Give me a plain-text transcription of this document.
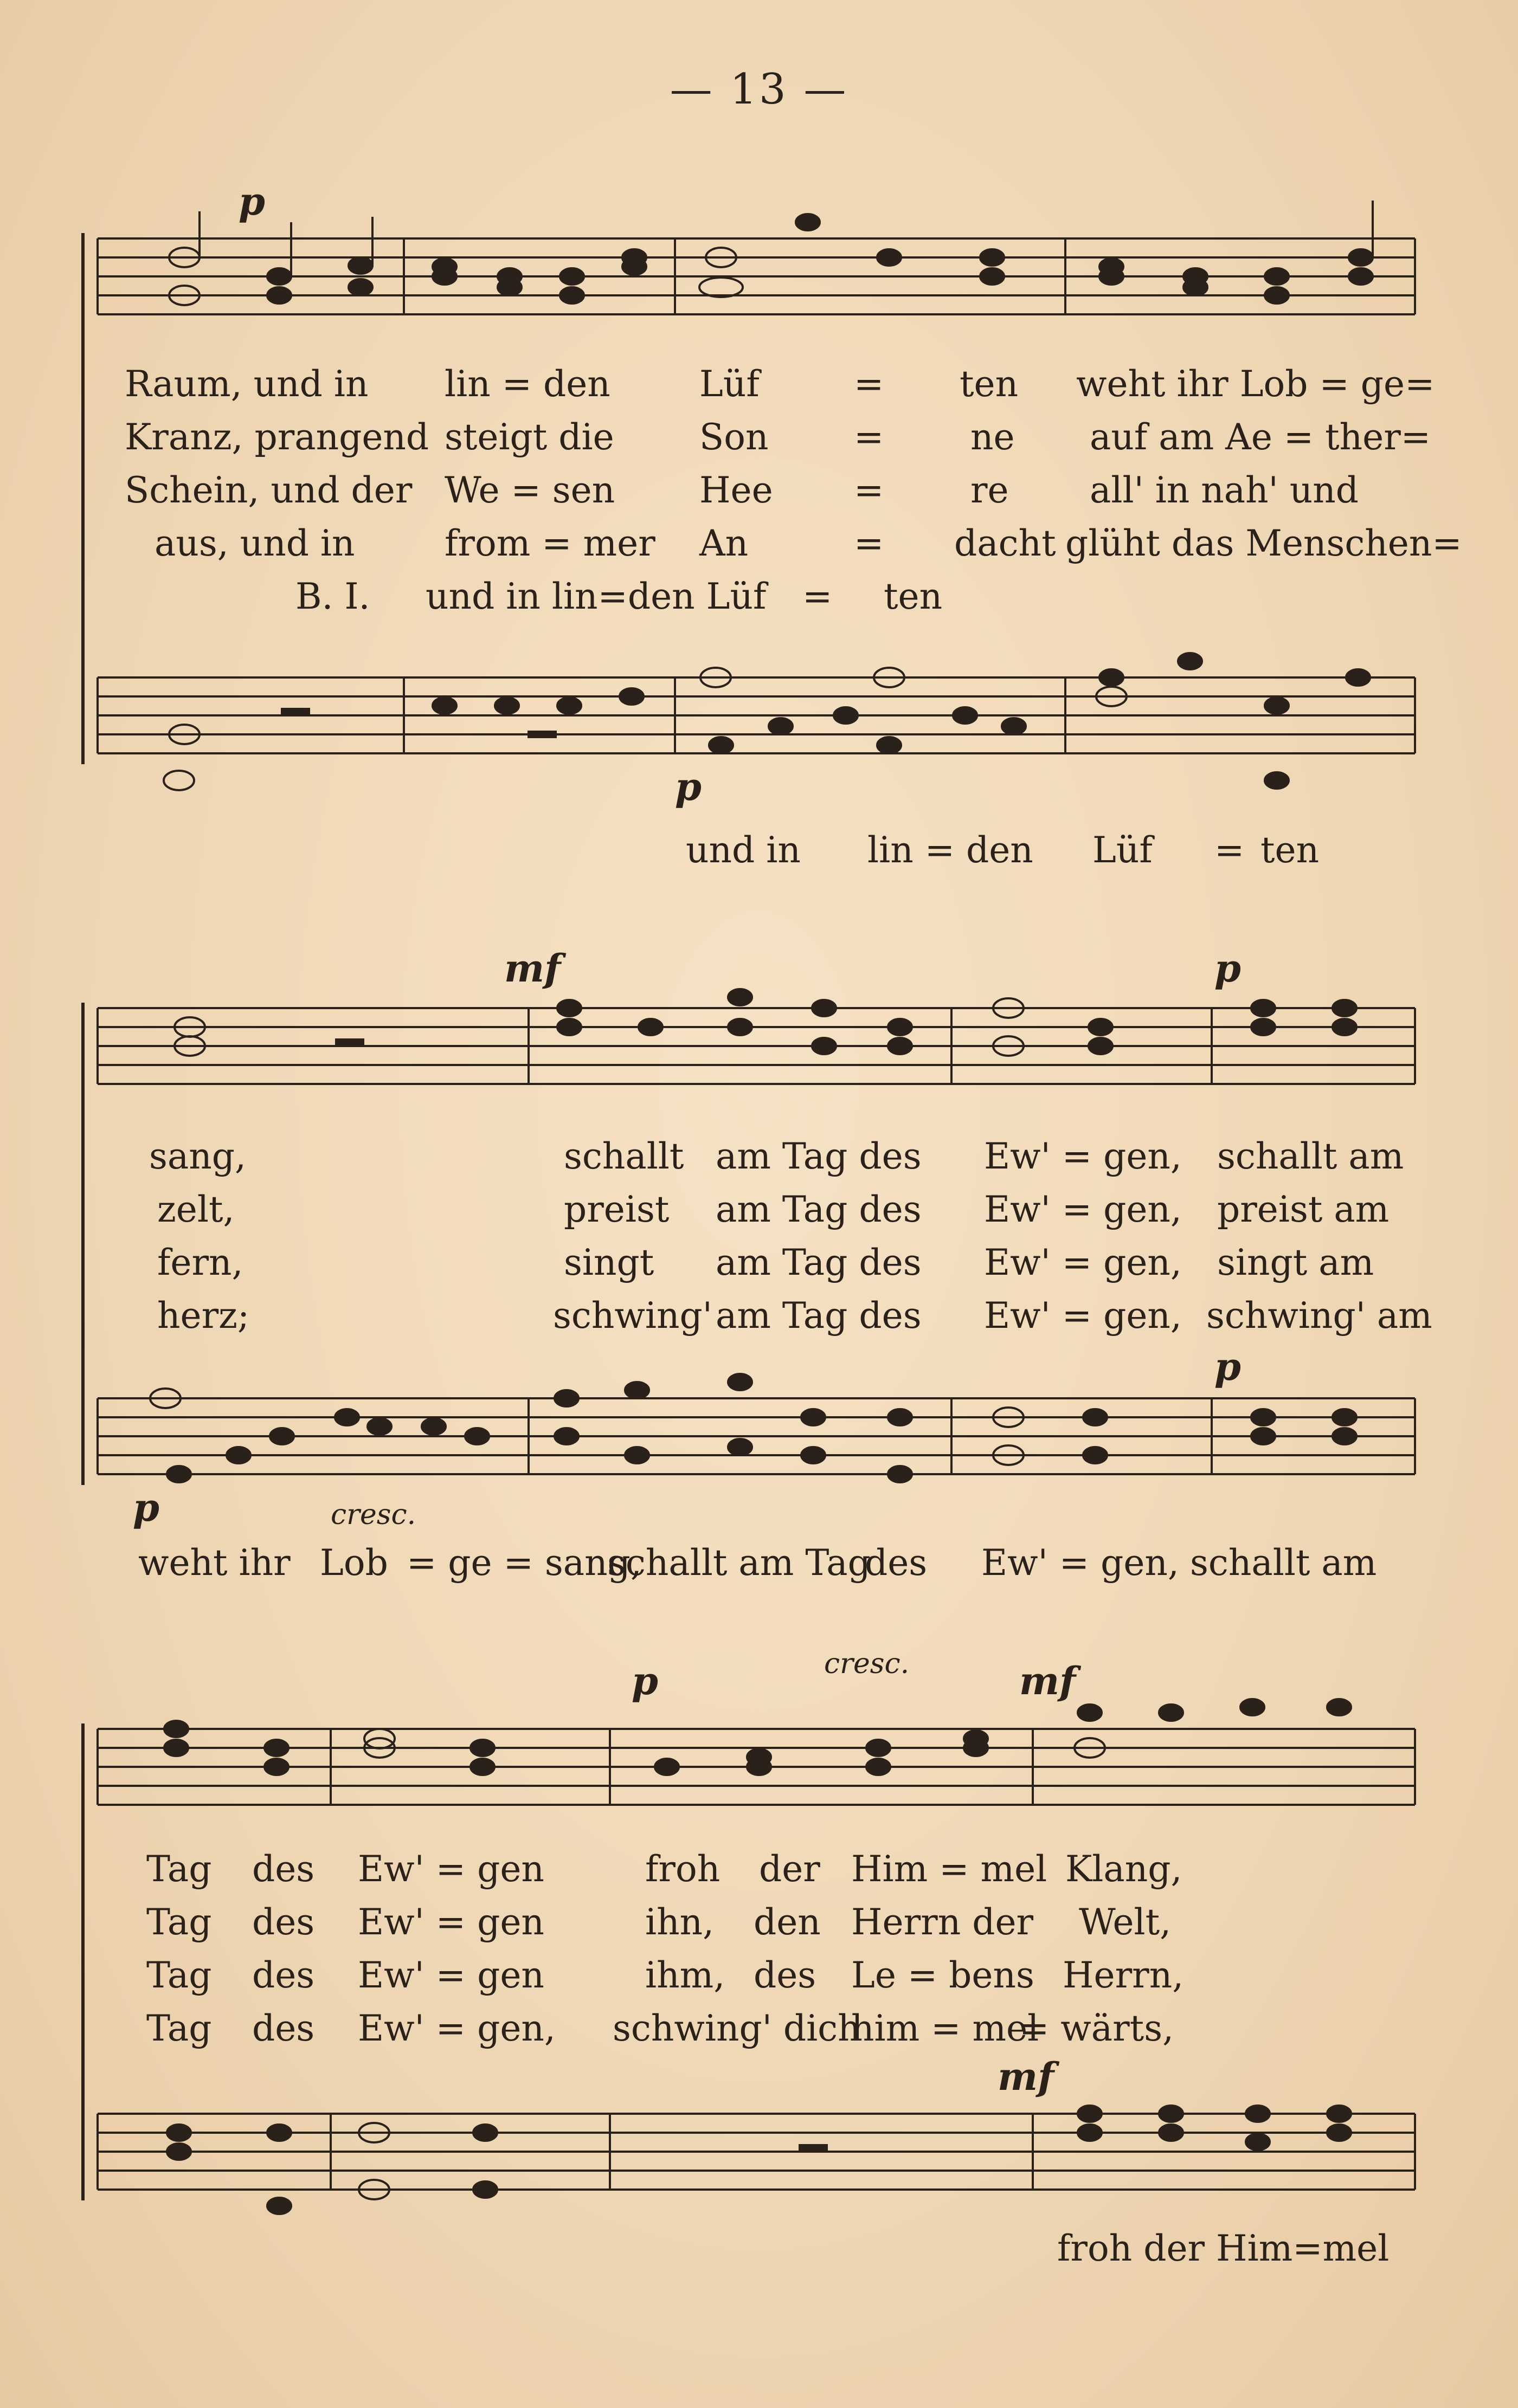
— 13 —
p
Raum, und in lin = den Lüf	= ten weht ihr Lob = ge=
Kranz, prangend steigt die Son = ne auf am Ae = ther=
Schein, und der We = sen Hee = re all' in nah' und
aus, und in	from = mer An	= dacht glüht das Menschen=
B. I. und in lin=den Lüf = ten
p
und in lin = den Lüf = ten
mf	p
sang,	schallt am Tag des Ew' = gen, schallt am
zelt,	preist am Tag des Ew' = gen, preist am
fern,	singt am Tag des Ew' = gen, singt am
herz;	schwing' am Tag des Ew' = gen, schwing' am
p	cresc.
p
weht ihr Lob = ge = sang,
schallt am Tag
des Ew' = gen, schallt am
p	cresc.	mf
Tag des Ew' = gen	froh der Him = mel Klang,
Tag des Ew' = gen	ihn, den Herrn der Welt,
Tag des Ew' = gen	ihm, des Le = bens Herrn,
Tag des Ew' = gen, schwing' dich
him = mel
= wärts,
mf
froh der Him=mel
